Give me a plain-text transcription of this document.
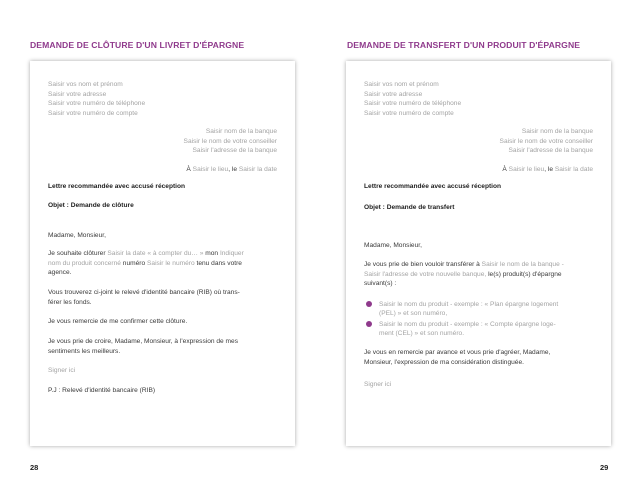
DEMANDE DE CLÔTURE D'UN LIVRET D'ÉPARGNE	DEMANDE DE TRANSFERT D'UN PRODUIT D'ÉPARGNE
Saisir vos nom et prénom
Saisir votre adresse
Saisir votre numéro de téléphone
Saisir votre numéro de compte
Saisir nom de la banque
Saisir le nom de votre conseiller
Saisir l'adresse de la banque
À Saisir le lieu, le Saisir la date
Lettre recommandée avec accusé réception
Objet : Demande de clôture
Madame, Monsieur,
Je souhaite clôturer Saisir la date « à compter du… » mon Indiquer
nom du produit concerné numéro Saisir le numéro tenu dans votre
agence.
Vous trouverez ci-joint le relevé d'identité bancaire (RIB) où trans-
férer les fonds.
Je vous remercie de me confirmer cette clôture.
Je vous prie de croire, Madame, Monsieur, à l'expression de mes
sentiments les meilleurs.
Signer ici
P.J : Relevé d'identité bancaire (RIB)
Saisir vos nom et prénom
Saisir votre adresse
Saisir votre numéro de téléphone
Saisir votre numéro de compte
Saisir nom de la banque
Saisir le nom de votre conseiller
Saisir l'adresse de la banque
À Saisir le lieu, le Saisir la date
Lettre recommandée avec accusé réception
Objet : Demande de transfert
Madame, Monsieur,
Je vous prie de bien vouloir transférer à Saisir le nom de la banque -
Saisir l'adresse de votre nouvelle banque, le(s) produit(s) d'épargne
suivant(s) :
Saisir le nom du produit - exemple : « Plan épargne logement
(PEL) » et son numéro,
Saisir le nom du produit - exemple : « Compte épargne loge-
ment (CEL) » et son numéro.
Je vous en remercie par avance et vous prie d'agréer, Madame,
Monsieur, l'expression de ma considération distinguée.
Signer ici
28	29
